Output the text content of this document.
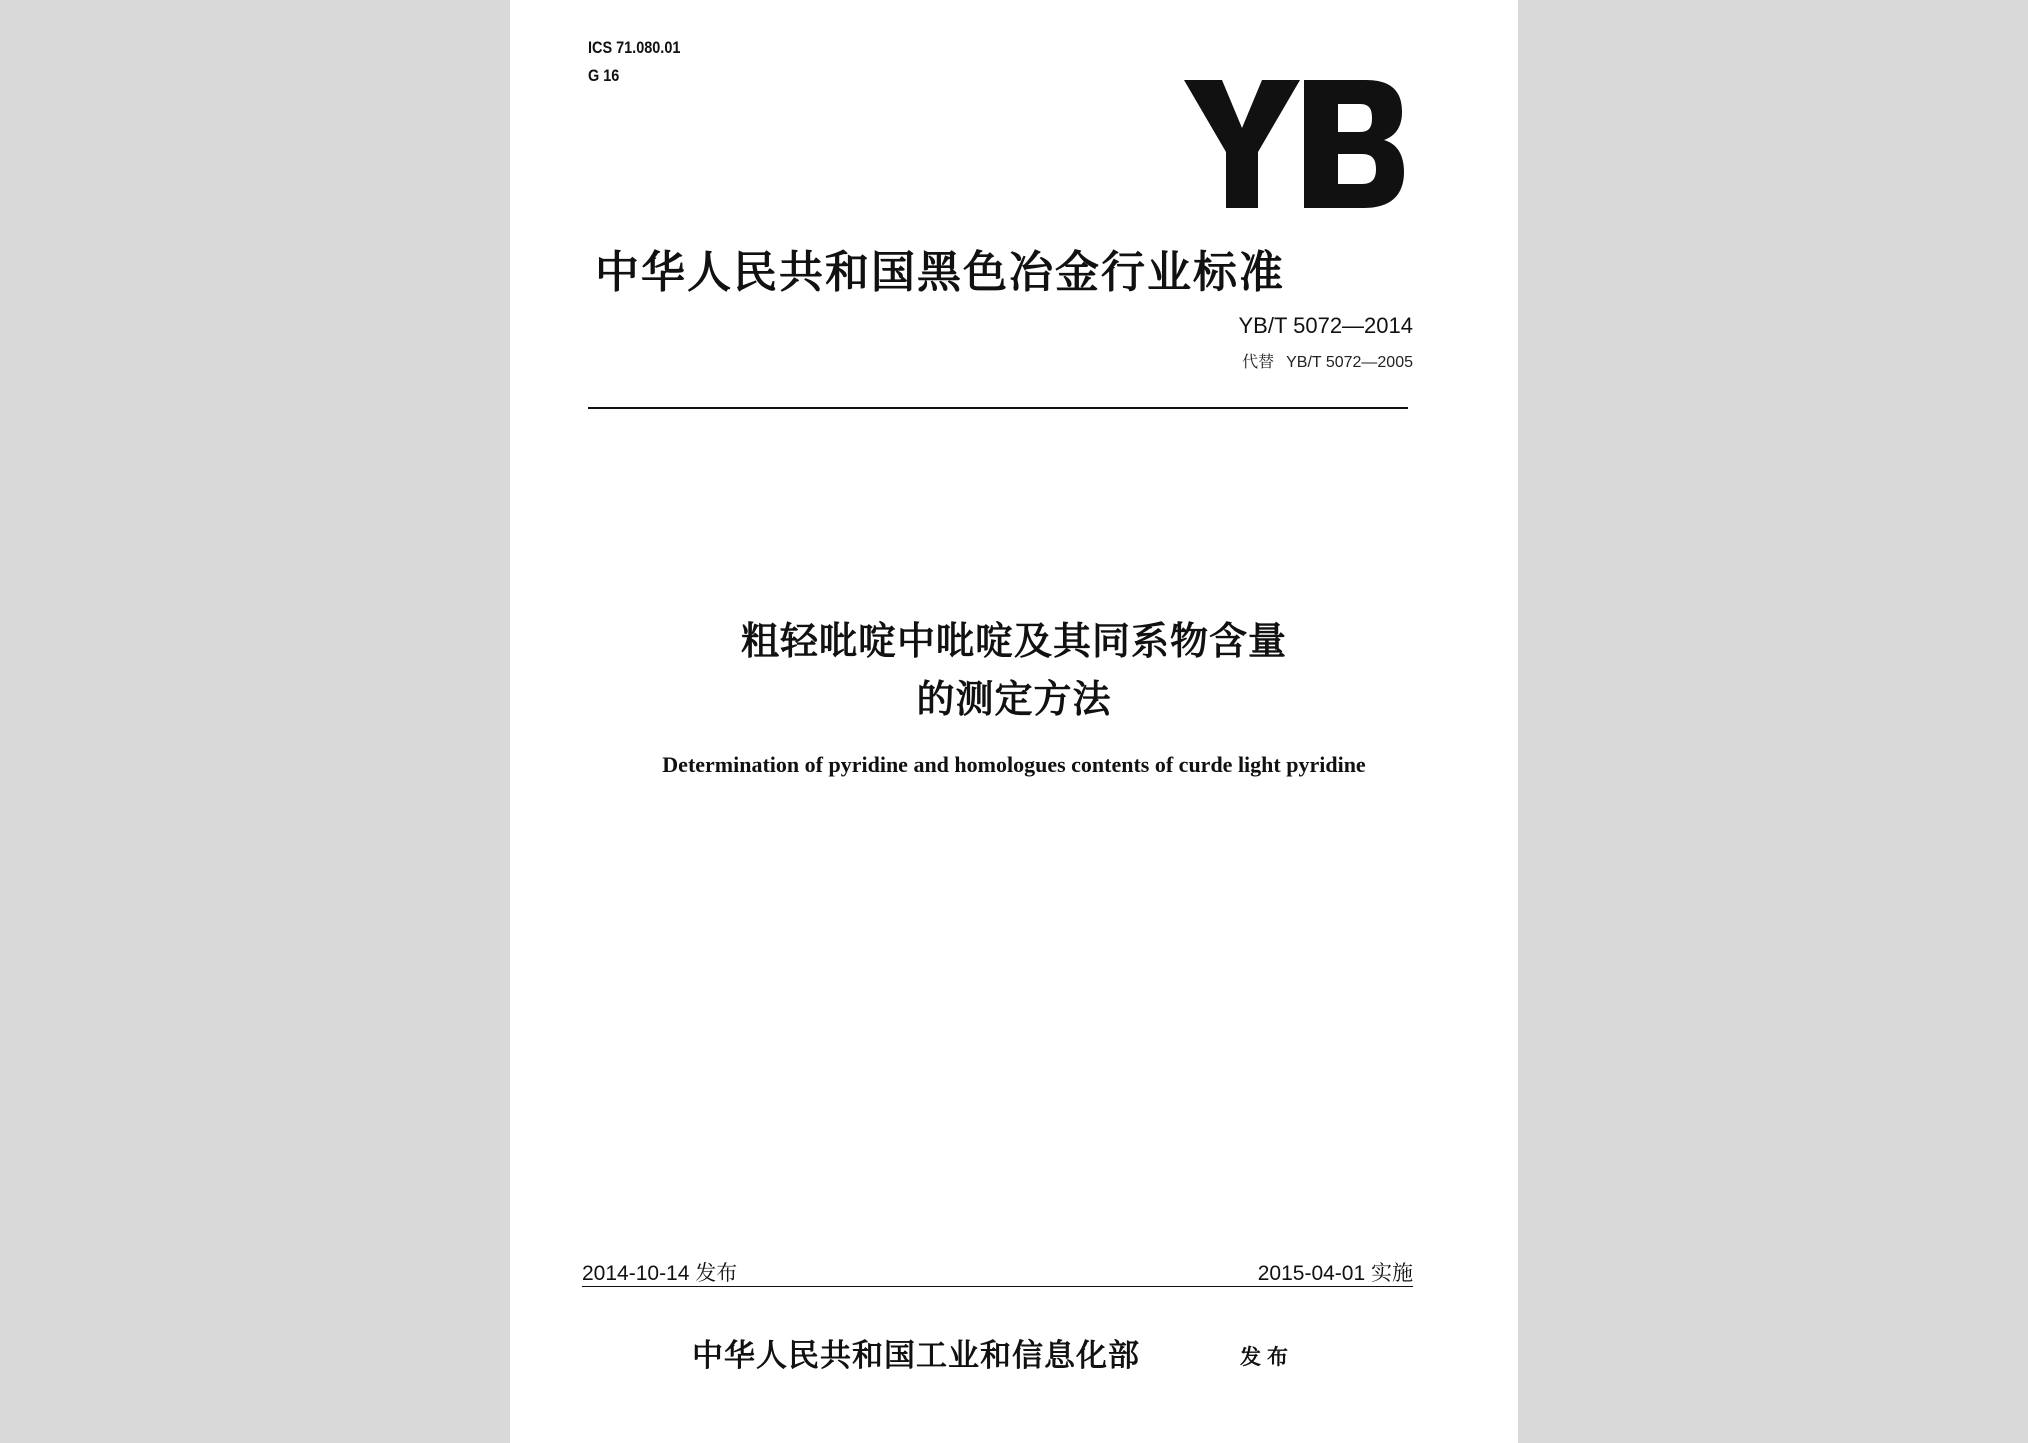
ICS 71.080.01
G 16
中华人民共和国黑色冶金行业标准
YB/T 5072—2014
代替 YB/T 5072—2005
粗轻吡啶中吡啶及其同系物含量
的测定方法
Determination of pyridine and homologues contents of curde light pyridine
2014-10-14 发布	2015-04-01 实施
中华人民共和国工业和信息化部	发布
